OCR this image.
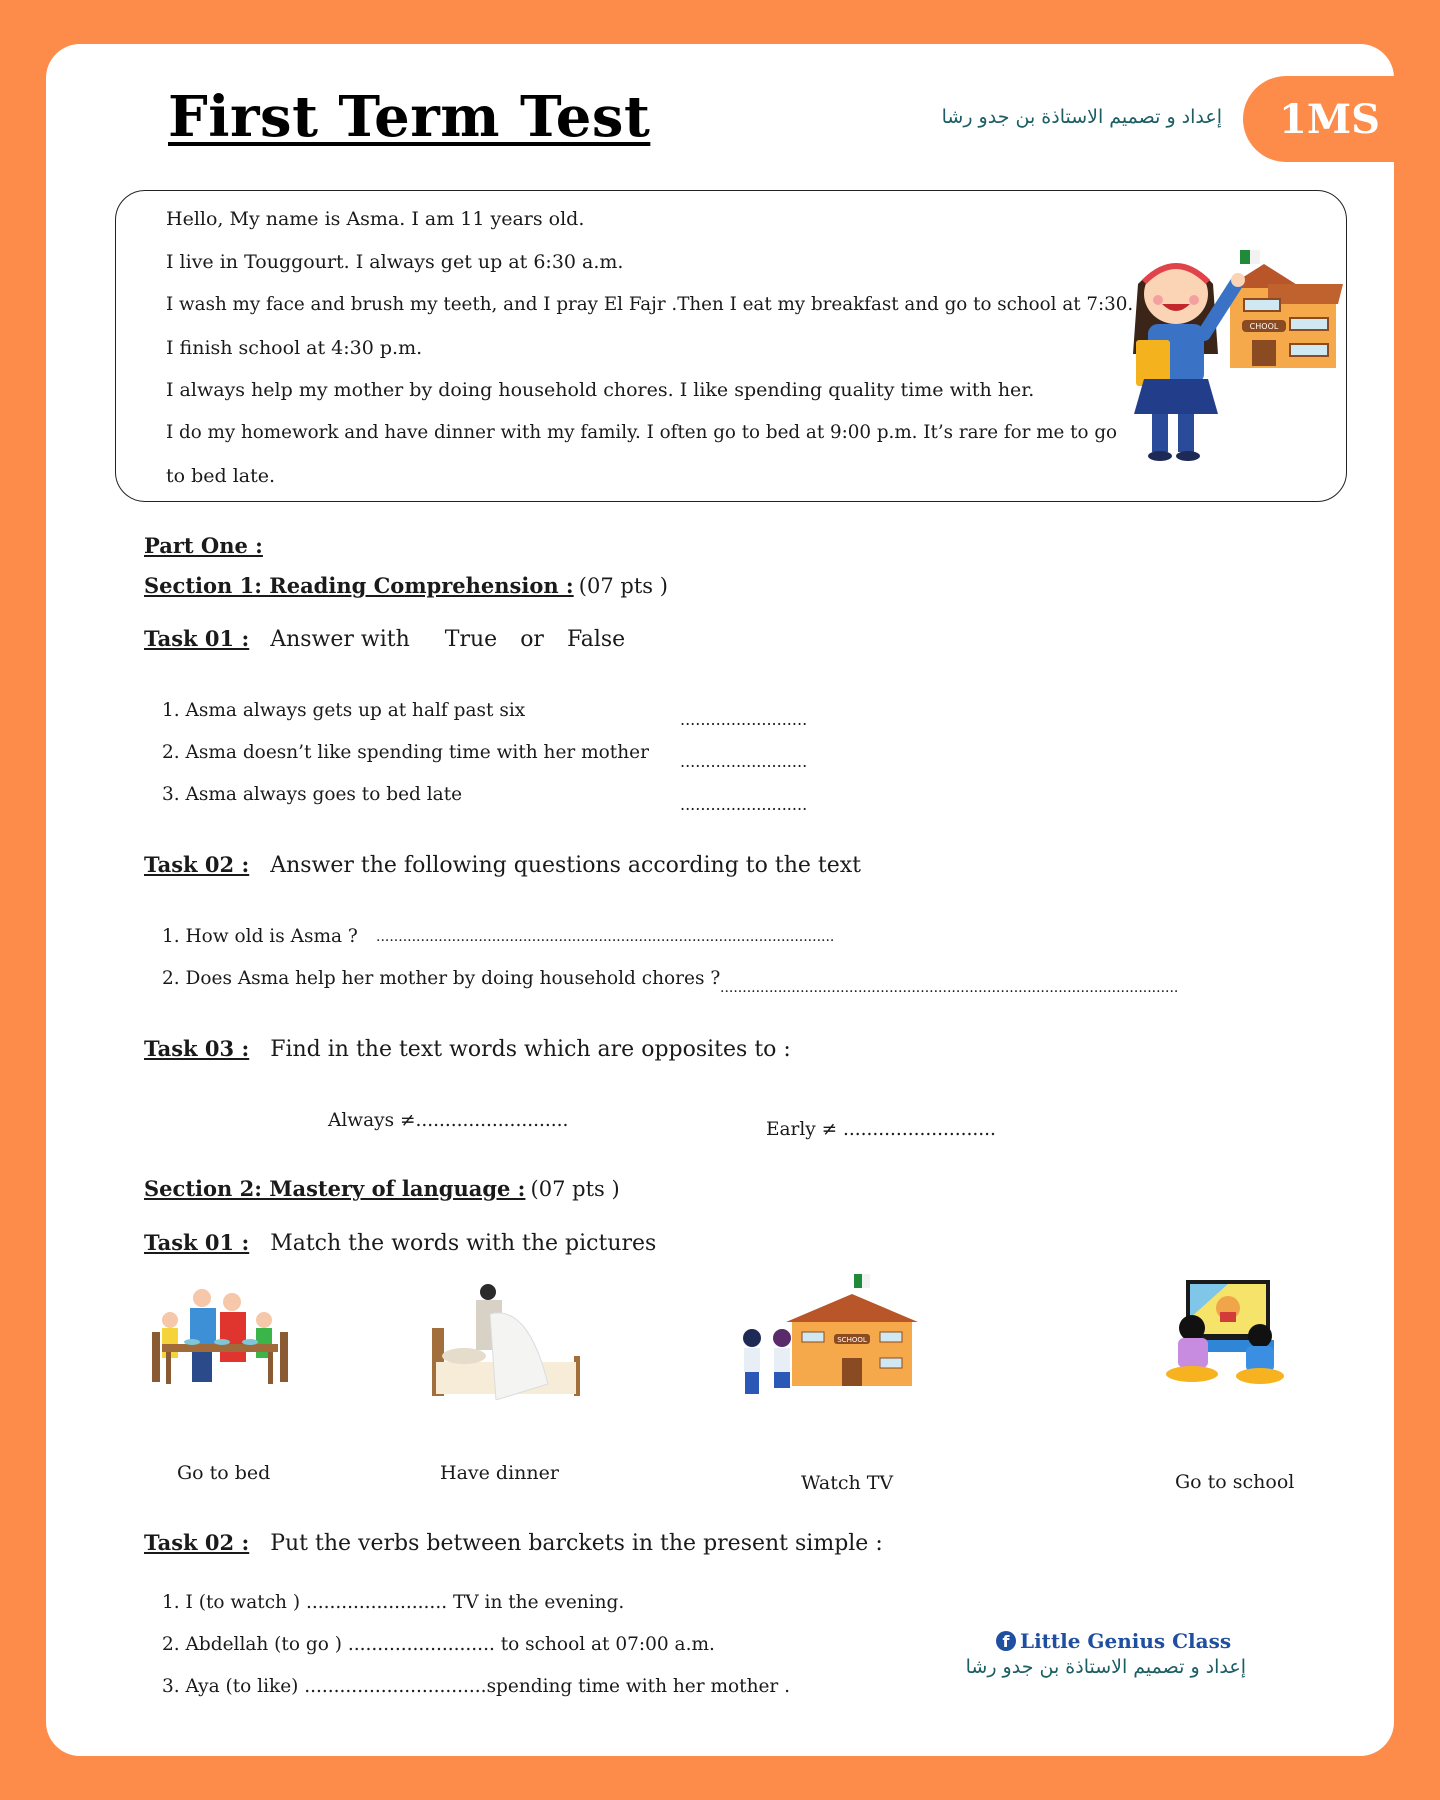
First Term Test	إعداد و تصميم الاستاذة بن جدو رشا	1MS
Hello, My name is Asma. I am 11 years old.
I live in Touggourt. I always get up at 6:30 a.m.
I wash my face and brush my teeth, and I pray El Fajr .Then I eat my breakfast and go to school at 7:30.
I finish school at 4:30 p.m.
I always help my mother by doing household chores. I like spending quality time with her.
I do my homework and have dinner with my family. I often go to bed at 9:00 p.m. It’s rare for me to go
to bed late.
CHOOL
Part One :
Section 1: Reading Comprehension : (07 pts )
Task 01 : Answer with True or False
1. Asma always gets up at half past six	.........................
2. Asma doesn’t like spending time with her mother .........................
3. Asma always goes to bed late	.........................
Task 02 : Answer the following questions according to the text
1. How old is Asma ? .......................................................................................................
2. Does Asma help her mother by doing household chores ? .......................................................................................................
Task 03 : Find in the text words which are opposites to :
Always ≠..........................	Early ≠ ..........................
Section 2: Mastery of language : (07 pts )
Task 01 : Match the words with the pictures
SCHOOL
Go to bed	Have dinner	Watch TV	Go to school
Task 02 : Put the verbs between barckets in the present simple :
1. I (to watch ) ........................ TV in the evening.
2. Abdellah (to go ) ......................... to school at 07:00 a.m.
3. Aya (to like) ...............................spending time with her mother .
f Little Genius Class
إعداد و تصميم الاستاذة بن جدو رشا
